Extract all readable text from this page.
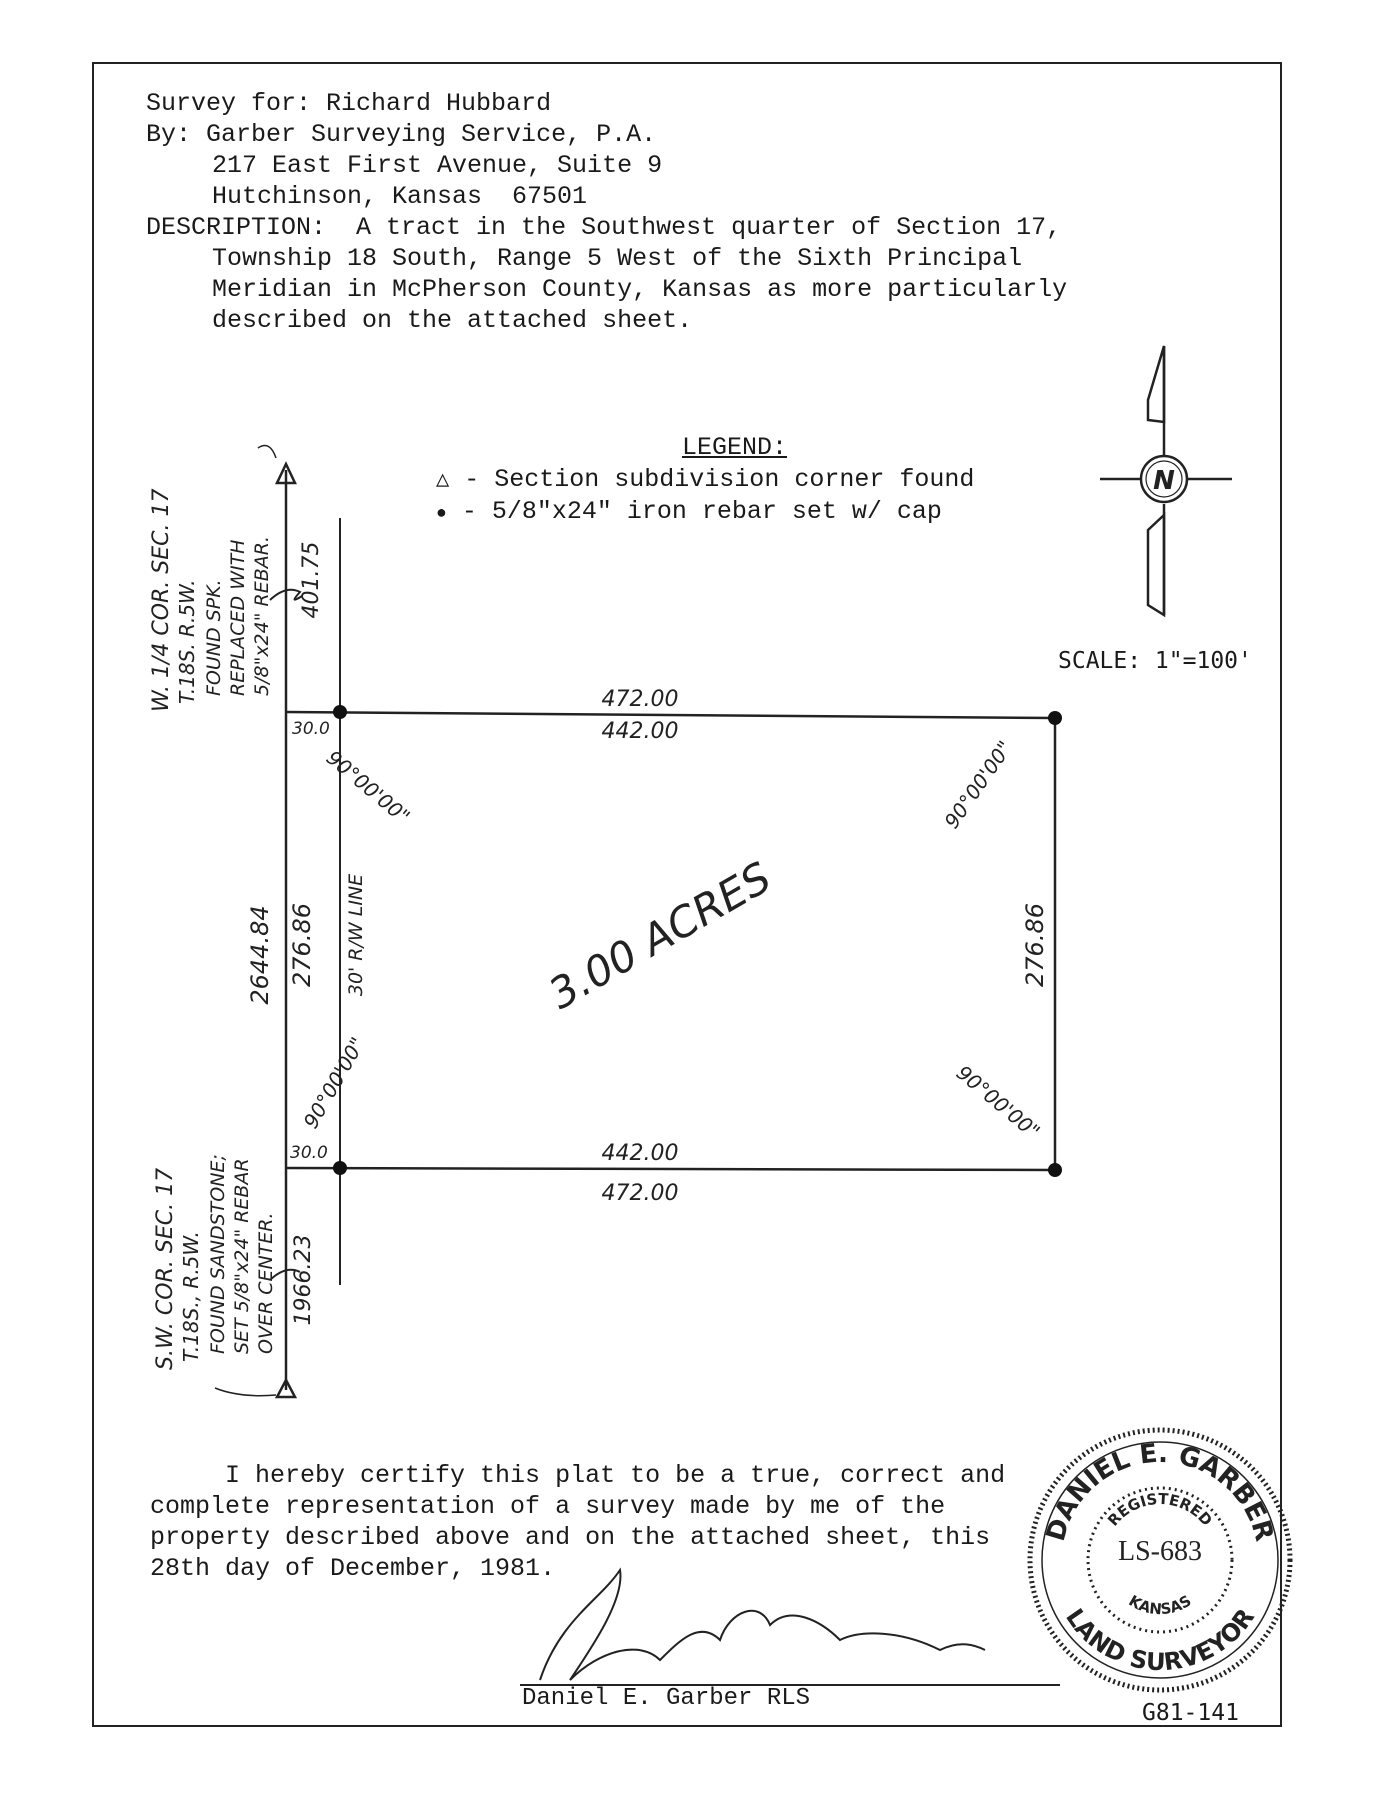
Survey for: Richard Hubbard
By: Garber Surveying Service, P.A.
217 East First Avenue, Suite 9
Hutchinson, Kansas  67501
DESCRIPTION:  A tract in the Southwest quarter of Section 17,
Township 18 South, Range 5 West of the Sixth Principal
Meridian in McPherson County, Kansas as more particularly
described on the attached sheet.
LEGEND:
△ - Section subdivision corner found
● - 5/8"x24" iron rebar set w/ cap
SCALE: 1"=100'
N
472.00
442.00
442.00
472.00
276.86
276.86
2644.84
401.75
1966.23
30.0
30.0
90°00'00"	90°00'00"
90°00'00"	90°00'00"
30' R/W LINE	3.00 ACRES
W. 1/4 COR. SEC. 17 T.18S. R.5W. FOUND SPK. REPLACED WITH 5/8"x24" REBAR.
S.W. COR. SEC. 17 T.18S., R.5W. FOUND SANDSTONE; SET 5/8"x24" REBAR OVER CENTER.
DANIEL E. GARBER
LAND SURVEYOR
REGISTERED
KANSAS
LS-683
I hereby certify this plat to be a true, correct and
complete representation of a survey made by me of the
property described above and on the attached sheet, this
28th day of December, 1981.
Daniel E. Garber RLS
G81-141
